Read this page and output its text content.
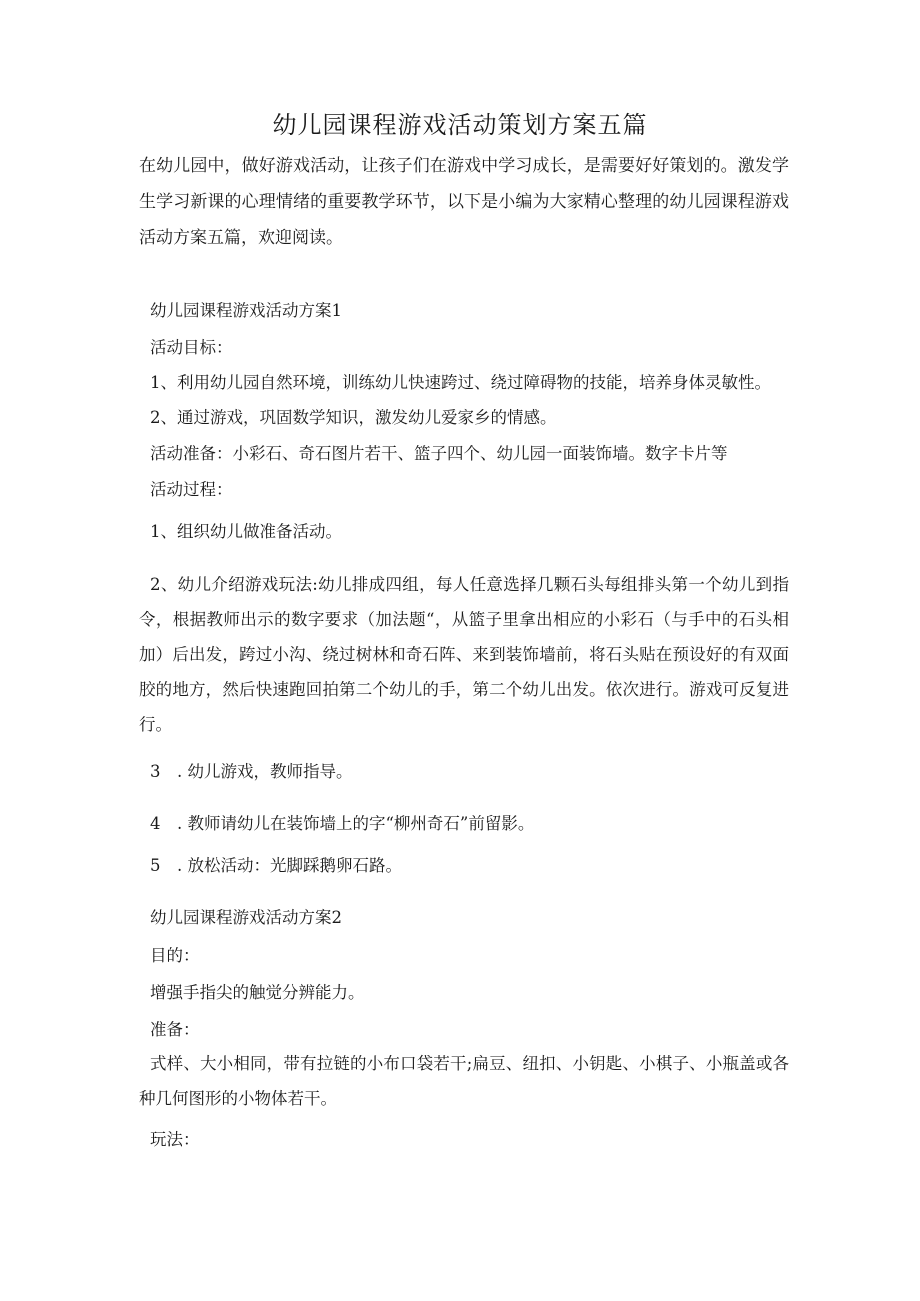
幼儿园课程游戏活动策划方案五篇
在幼儿园中，做好游戏活动，让孩子们在游戏中学习成长，是需要好好策划的。激发学生学习新课的心理情绪的重要教学环节，以下是小编为大家精心整理的幼儿园课程游戏活动方案五篇，欢迎阅读。
幼儿园课程游戏活动方案1
活动目标：
1、利用幼儿园自然环境，训练幼儿快速跨过、绕过障碍物的技能，培养身体灵敏性。
2、通过游戏，巩固数学知识，激发幼儿爱家乡的情感。
活动准备：小彩石、奇石图片若干、篮子四个、幼儿园一面装饰墙。数字卡片等
活动过程：
1、组织幼儿做准备活动。
2、幼儿介绍游戏玩法:幼儿排成四组，每人任意选择几颗石头每组排头第一个幼儿到指令，根据教师出示的数字要求（加法题“，从篮子里拿出相应的小彩石（与手中的石头相加）后出发，跨过小沟、绕过树林和奇石阵、来到装饰墙前，将石头贴在预设好的有双面胶的地方，然后快速跑回拍第二个幼儿的手，第二个幼儿出发。依次进行。游戏可反复进行。
3　. 幼儿游戏，教师指导。
4　. 教师请幼儿在装饰墙上的字“柳州奇石”前留影。
5　. 放松活动：光脚踩鹅卵石路。
幼儿园课程游戏活动方案2
目的：
增强手指尖的触觉分辨能力。
准备：
式样、大小相同，带有拉链的小布口袋若干;扁豆、纽扣、小钥匙、小棋子、小瓶盖或各种几何图形的小物体若干。
玩法：
